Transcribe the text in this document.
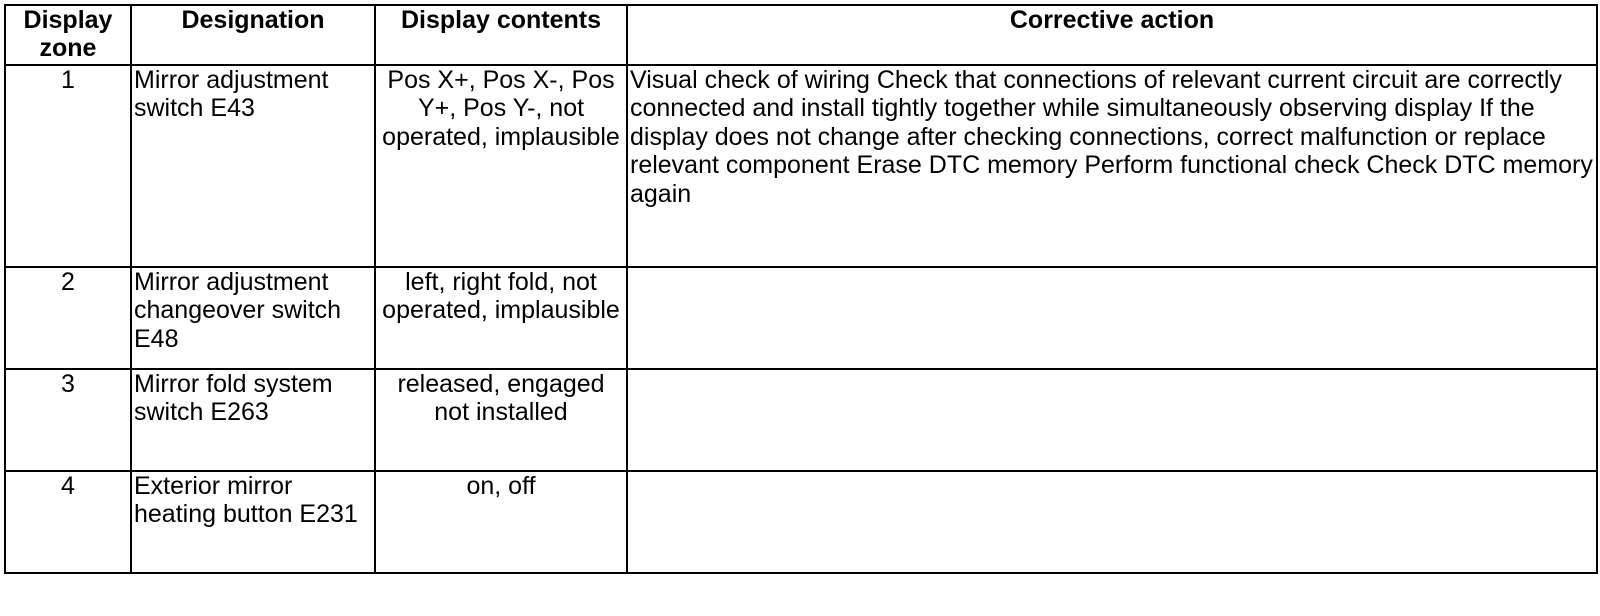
Display zone	Designation	Display contents	Corrective action
1	Mirror adjustment switch E43	Pos X+, Pos X-, Pos Y+, Pos Y-, not operated, implausible	Visual check of wiring Check that connections of relevant current circuit are correctly connected and install tightly together while simultaneously observing display If the display does not change after checking connections, correct malfunction or replace relevant component Erase DTC memory Perform functional check Check DTC memory again
2	Mirror adjustment changeover switch E48	left, right fold, not operated, implausible	
3	Mirror fold system switch E263	released, engaged not installed	
4	Exterior mirror heating button E231	on, off	
